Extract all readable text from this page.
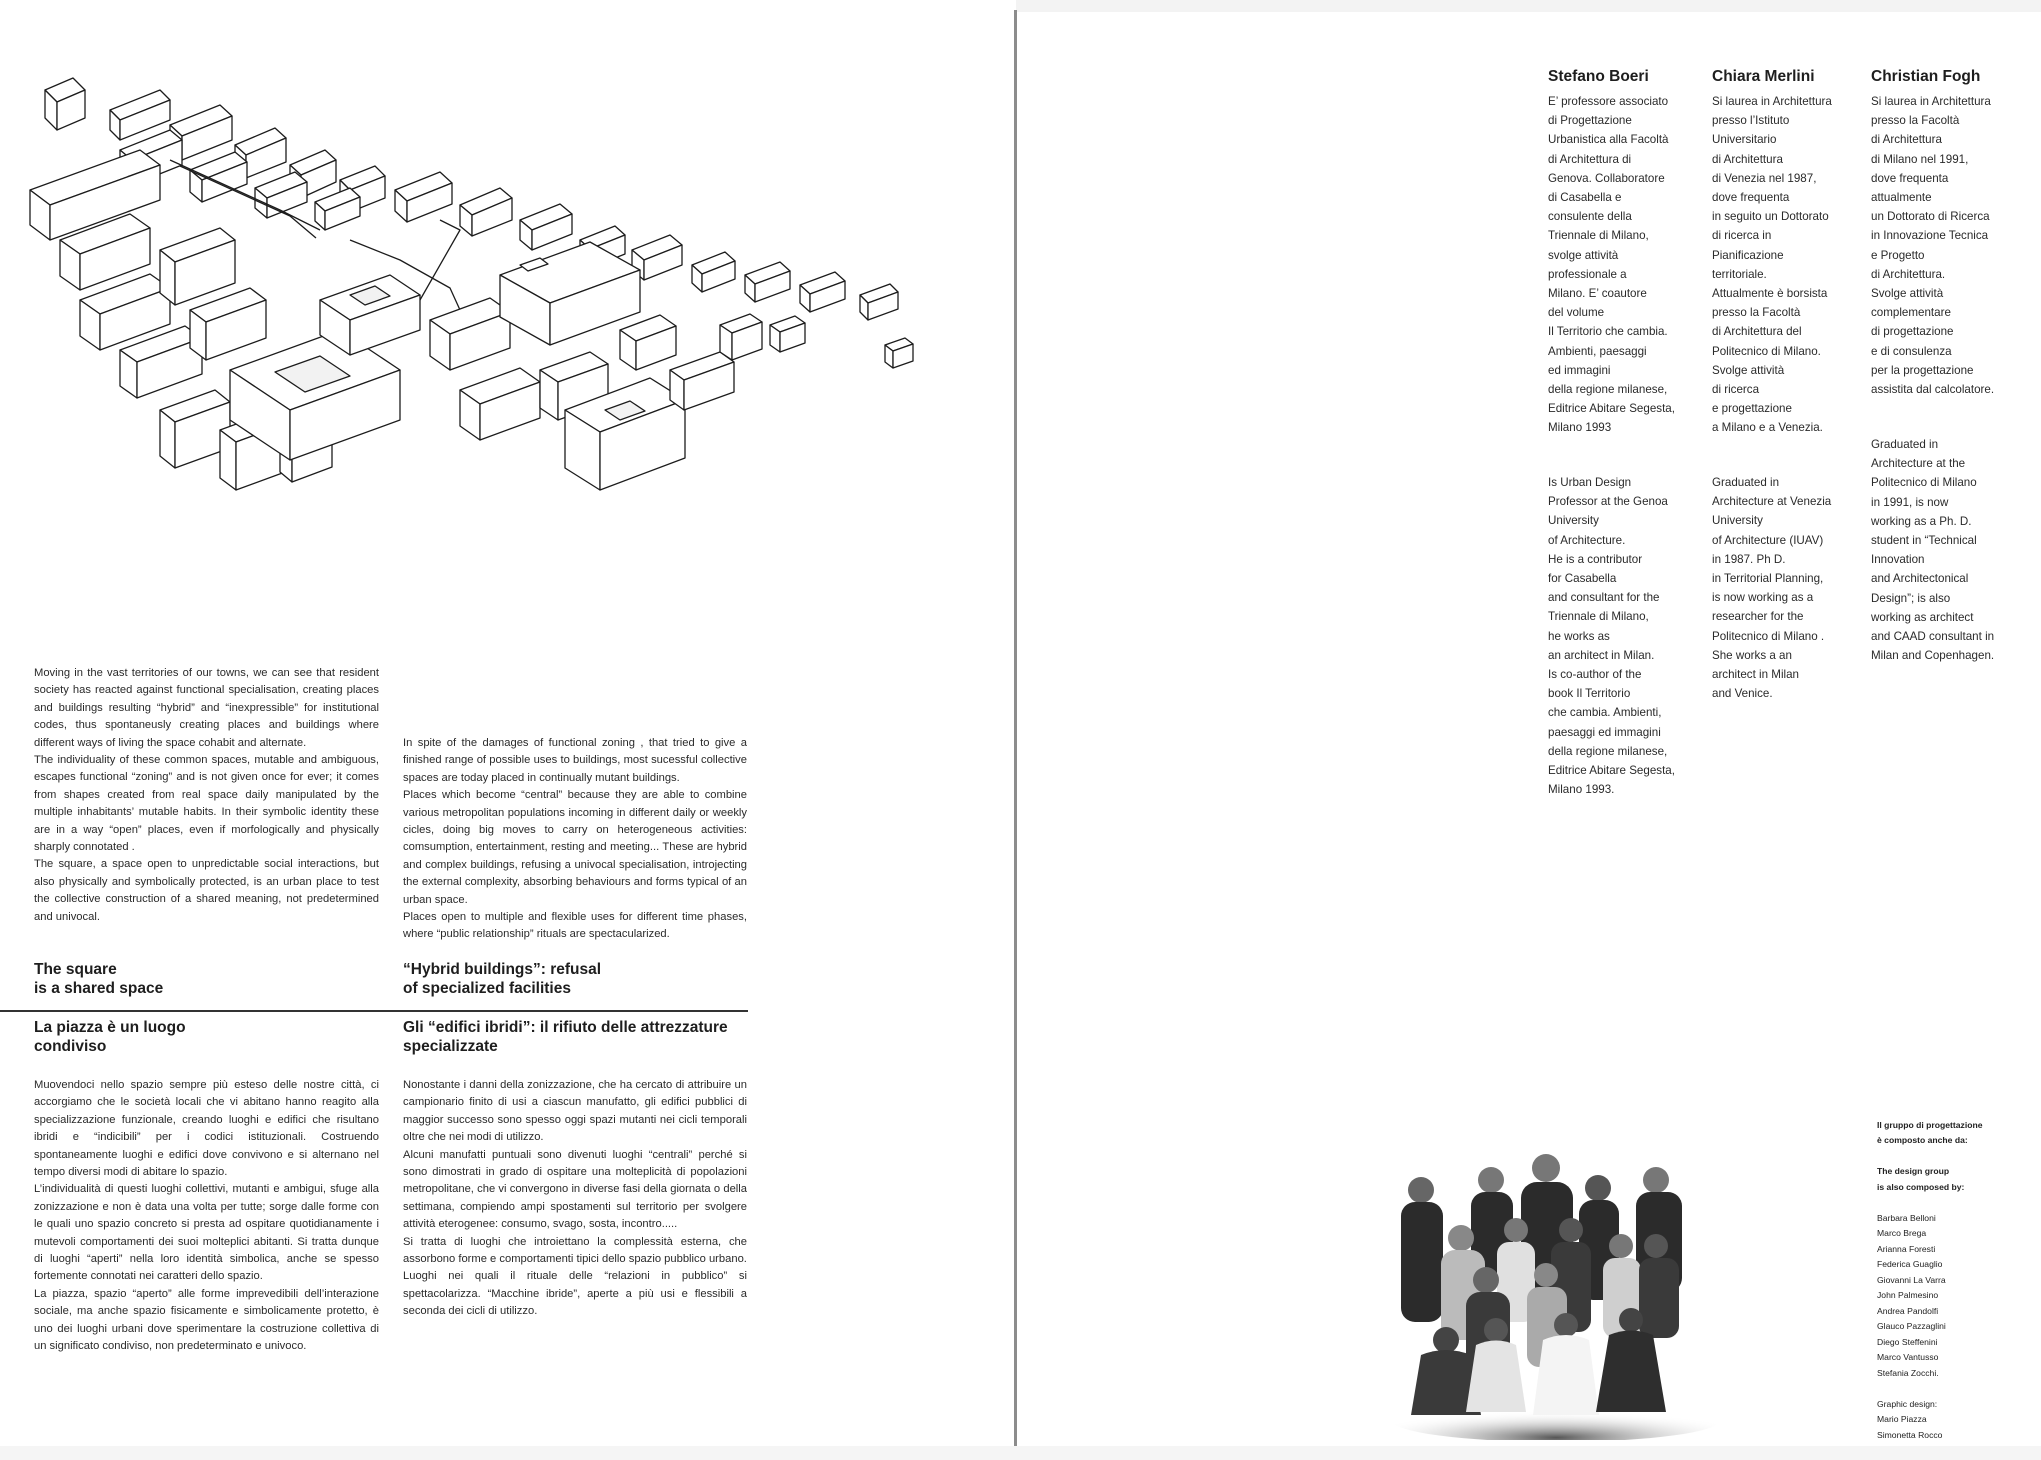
Moving in the vast territories of our towns, we can see that resident society has reacted against functional specialisation, creating places and buildings resulting “hybrid” and “inexpressible” for institutional codes, thus spontaneusly creating places and buildings where different ways of living the space cohabit and alternate.

The individuality of these common spaces, mutable and ambiguous, escapes functional “zoning” and is not given once for ever; it comes from shapes created from real space daily manipulated by the multiple inhabitants’ mutable habits. In their symbolic identity these are in a way “open” places, even if morfologically and physically sharply connotated .

The square, a space open to unpredictable social interactions, but also physically and symbolically protected, is an urban place to test the collective construction of a shared meaning, not predetermined and univocal.

In spite of the damages of functional zoning , that tried to give a finished range of possible uses to buildings, most sucessful collective spaces are today placed in continually mutant buildings.

Places which become “central” because they are able to combine various metropolitan populations incoming in different daily or weekly cicles, doing big moves to carry on heterogeneous activities: comsumption, entertainment, resting and meeting... These are hybrid and complex buildings, refusing a univocal specialisation, introjecting the external complexity, absorbing behaviours and forms typical of an urban space.

Places open to multiple and flexible uses for different time phases, where “public relationship” rituals are spectacularized.

The square
is a shared space
“Hybrid buildings”: refusal
of specialized facilities
La piazza è un luogo
condiviso
Gli “edifici ibridi”: il rifiuto delle attrezzature
specializzate

Muovendoci nello spazio sempre più esteso delle nostre città, ci accorgiamo che le società locali che vi abitano hanno reagito alla specializzazione funzionale, creando luoghi e edifici che risultano ibridi e “indicibili” per i codici istituzionali. Costruendo spontaneamente luoghi e edifici dove convivono e si alternano nel tempo diversi modi di abitare lo spazio.

L’individualità di questi luoghi collettivi, mutanti e ambigui, sfuge alla zonizzazione e non è data una volta per tutte; sorge dalle forme con le quali uno spazio concreto si presta ad ospitare quotidianamente i mutevoli comportamenti dei suoi molteplici abitanti. Si tratta dunque di luoghi “aperti” nella loro identità simbolica, anche se spesso fortemente connotati nei caratteri dello spazio.

La piazza, spazio “aperto” alle forme imprevedibili dell’interazione sociale, ma anche spazio fisicamente e simbolicamente protetto, è uno dei luoghi urbani dove sperimentare la costruzione collettiva di un significato condiviso, non predeterminato e univoco.

Nonostante i danni della zonizzazione, che ha cercato di attribuire un campionario finito di usi a ciascun manufatto, gli edifici pubblici di maggior successo sono spesso oggi spazi mutanti nei cicli temporali oltre che nei modi di utilizzo.

Alcuni manufatti puntuali sono divenuti luoghi “centrali” perché si sono dimostrati in grado di ospitare una molteplicità di popolazioni metropolitane, che vi convergono in diverse fasi della giornata o della settimana, compiendo ampi spostamenti sul territorio per svolgere attività eterogenee: consumo, svago, sosta, incontro.....

Si tratta di luoghi che introiettano la complessità esterna, che assorbono forme e comportamenti tipici dello spazio pubblico urbano.

Luoghi nei quali il rituale delle “relazioni in pubblico” si spettacolarizza. “Macchine ibride”, aperte a più usi e flessibili a seconda dei cicli di utilizzo.

Stefano Boeri
E’ professore associato
di Progettazione
Urbanistica alla Facoltà
di Architettura di
Genova. Collaboratore
di Casabella e
consulente della
Triennale di Milano,
svolge attività
professionale a
Milano. E’ coautore
del volume
Il Territorio che cambia.
Ambienti, paesaggi
ed immagini
della regione milanese,
Editrice Abitare Segesta,
Milano 1993
Is Urban Design
Professor at the Genoa
University
of Architecture.
He is a contributor
for Casabella
and consultant for the
Triennale di Milano,
he works as
an architect in Milan.
Is co-author of the
book Il Territorio
che cambia. Ambienti,
paesaggi ed immagini
della regione milanese,
Editrice Abitare Segesta,
Milano 1993.
Chiara Merlini
Si laurea in Architettura
presso l’Istituto
Universitario
di Architettura
di Venezia nel 1987,
dove frequenta
in seguito un Dottorato
di ricerca in
Pianificazione
territoriale.
Attualmente è borsista
presso la Facoltà
di Architettura del
Politecnico di Milano.
Svolge attività
di ricerca
e progettazione
a Milano e a Venezia.
Graduated in
Architecture at Venezia
University
of Architecture (IUAV)
in 1987. Ph D.
in Territorial Planning,
is now working as a
researcher for the
Politecnico di Milano .
She works a an
architect in Milan
and Venice.
Christian Fogh
Si laurea in Architettura
presso la Facoltà
di Architettura
di Milano nel 1991,
dove frequenta
attualmente
un Dottorato di Ricerca
in Innovazione Tecnica
e Progetto
di Architettura.
Svolge attività
complementare
di progettazione
e di consulenza
per la progettazione
assistita dal calcolatore.
Graduated in
Architecture at the
Politecnico di Milano
in 1991, is now
working as a Ph. D.
student in “Technical
Innovation
and Architectonical
Design”; is also
working as architect
and CAAD consultant in
Milan and Copenhagen.

Il gruppo di progettazione
è composto anche da:

The design group
is also composed by:

Barbara Belloni
Marco Brega
Arianna Foresti
Federica Guaglio
Giovanni La Varra
John Palmesino
Andrea Pandolfi
Glauco Pazzaglini
Diego Steffenini
Marco Vantusso
Stefania Zocchi.

Graphic design:
Mario Piazza
Simonetta Rocco
